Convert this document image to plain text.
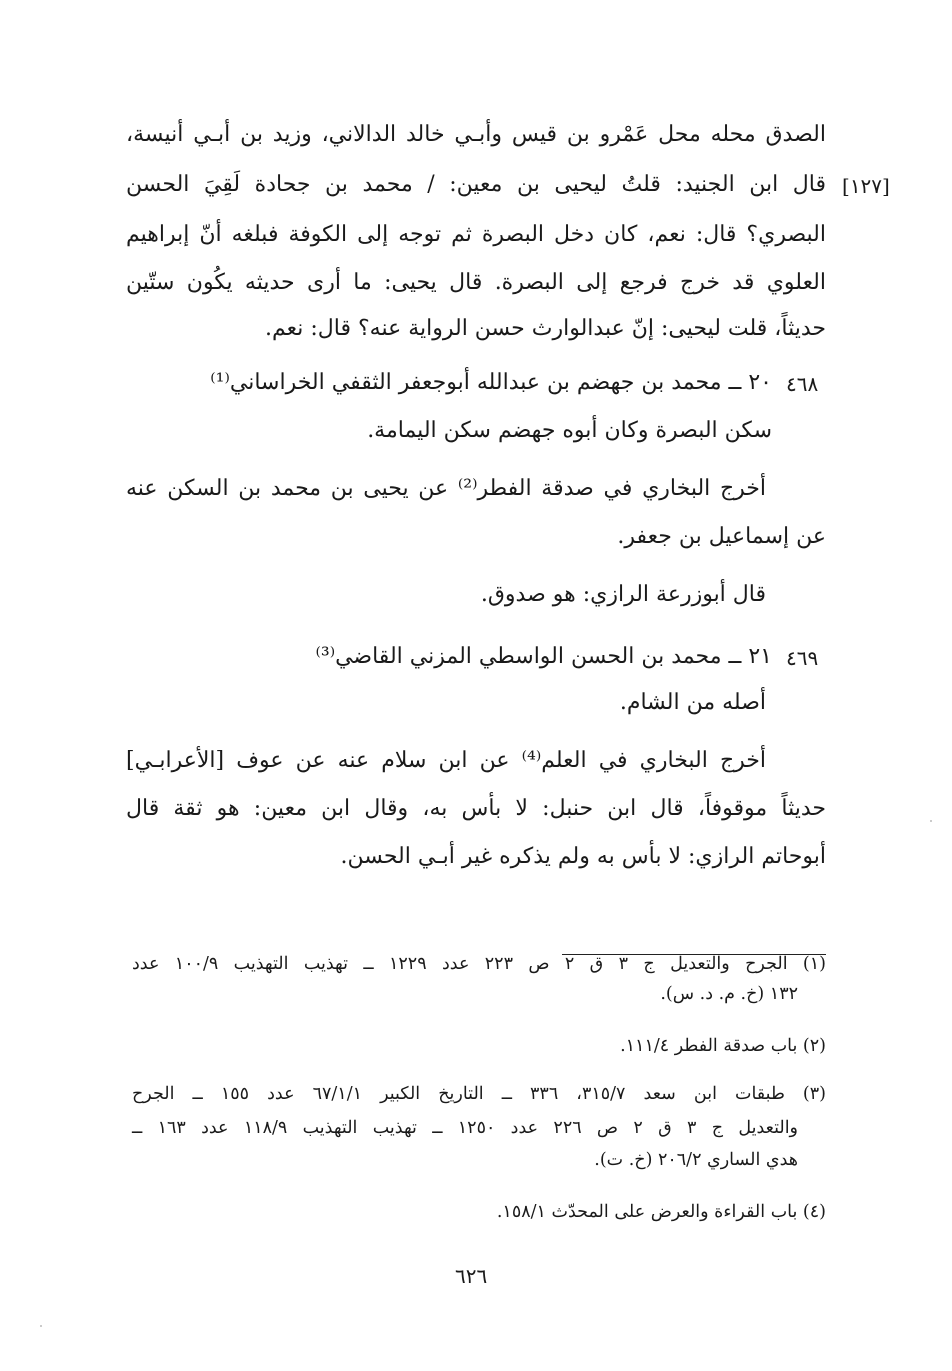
الصدق محله محل عَمْرو بن قيس وأبـي خالد الدالاني، وزيد بن أبـي أنيسة،
قال ابن الجنيد: قلتُ ليحيى بن معين: / محمد بن جحادة لَقِيَ الحسن
البصري؟ قال: نعم، كان دخل البصرة ثم توجه إلى الكوفة فبلغه أنّ إبراهيم
العلوي قد خرج فرجع إلى البصرة. قال يحيى: ما أرى حديثه يكُون ستّين
حديثاً، قلت ليحيى: إنّ عبدالوارث حسن الرواية عنه؟ قال: نعم.
٢٠ ــ محمد بن جهضم بن عبدالله أبوجعفر الثقفي الخراساني⁽¹⁾
سكن البصرة وكان أبوه جهضم سكن اليمامة.
أخرج البخاري في صدقة الفطر⁽²⁾ عن يحيى بن محمد بن السكن عنه
عن إسماعيل بن جعفر.
قال أبوزرعة الرازي: هو صدوق.
٢١ ــ محمد بن الحسن الواسطي المزني القاضي⁽³⁾
أصله من الشام.
أخرج البخاري في العلم⁽⁴⁾ عن ابن سلام عنه عن عوف [الأعرابـي]
حديثاً موقوفاً، قال ابن حنبل: لا بأس به، وقال ابن معين: هو ثقة قال
أبوحاتم الرازي: لا بأس به ولم يذكره غير أبـي الحسن.
[١٢٧]
٤٦٨
٤٦٩
(١) الجرح والتعديل ج ٣ ق ٢ ص ٢٢٣ عدد ١٢٢٩ ــ تهذيب التهذيب ١٠٠/٩ عدد
١٣٢ (خ. م. د. س).
(٢) باب صدقة الفطر ١١١/٤.
(٣) طبقات ابن سعد ٣١٥/٧، ٣٣٦ ــ التاريخ الكبير ٦٧/١/١ عدد ١٥٥ ــ الجرح
والتعديل ج ٣ ق ٢ ص ٢٢٦ عدد ١٢٥٠ ــ تهذيب التهذيب ١١٨/٩ عدد ١٦٣ ــ
هدي الساري ٢٠٦/٢ (خ. ت).
(٤) باب القراءة والعرض على المحدّث ١٥٨/١.
٦٢٦
